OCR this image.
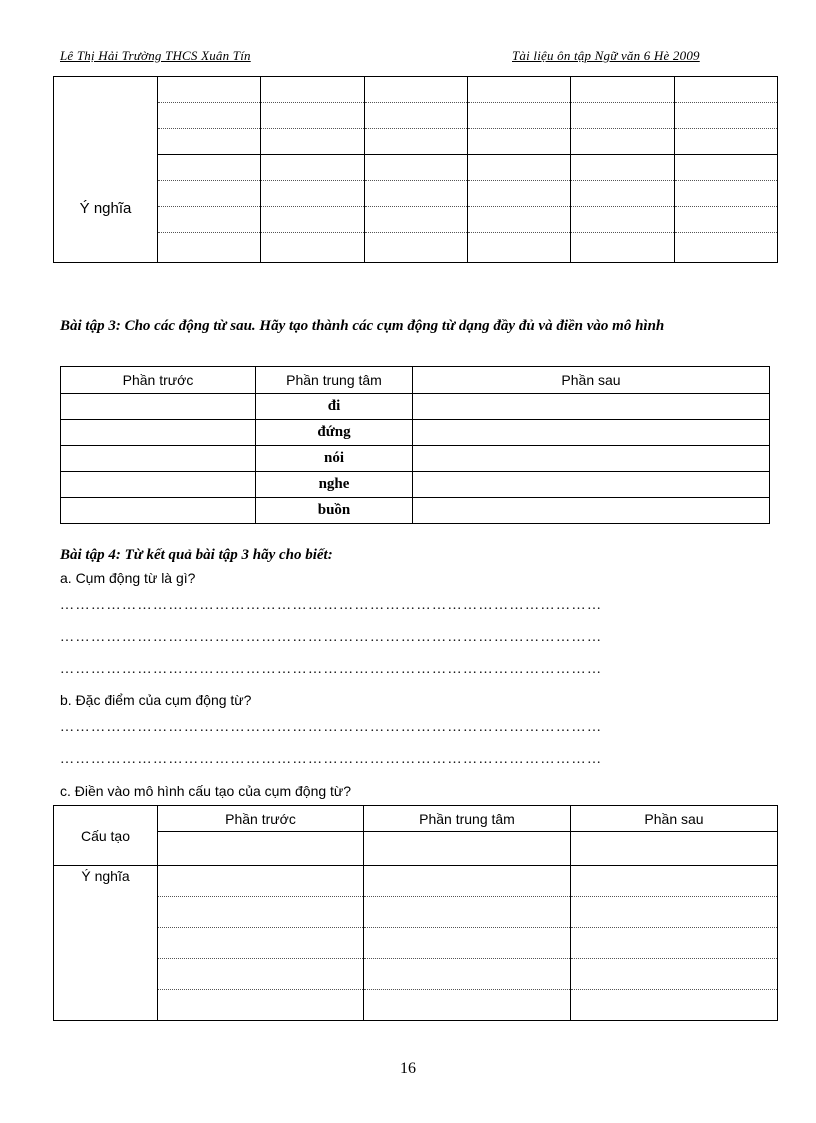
Lê Thị Hải Trường THCS Xuân Tín	Tài liệu ôn tập Ngữ văn 6 Hè 2009

Ý nghĩa						

Bài tập 3: Cho các động từ sau. Hãy tạo thành các cụm động từ dạng đầy đủ và điền vào mô hình
Phần trước	Phần trung tâm	Phần sau
	đi	
	đứng	
	nói	
	nghe	
	buồn	
Bài tập 4: Từ kết quả bài tập 3 hãy cho biết:
a. Cụm động từ là gì?
……………………………………………………………………………………………
……………………………………………………………………………………………
……………………………………………………………………………………………
b. Đặc điểm của cụm động từ?
……………………………………………………………………………………………
……………………………………………………………………………………………
c. Điền vào mô hình cấu tạo của cụm động từ?
Cấu tạo	Phần trước	Phần trung tâm	Phần sau

Ý nghĩa			

16
